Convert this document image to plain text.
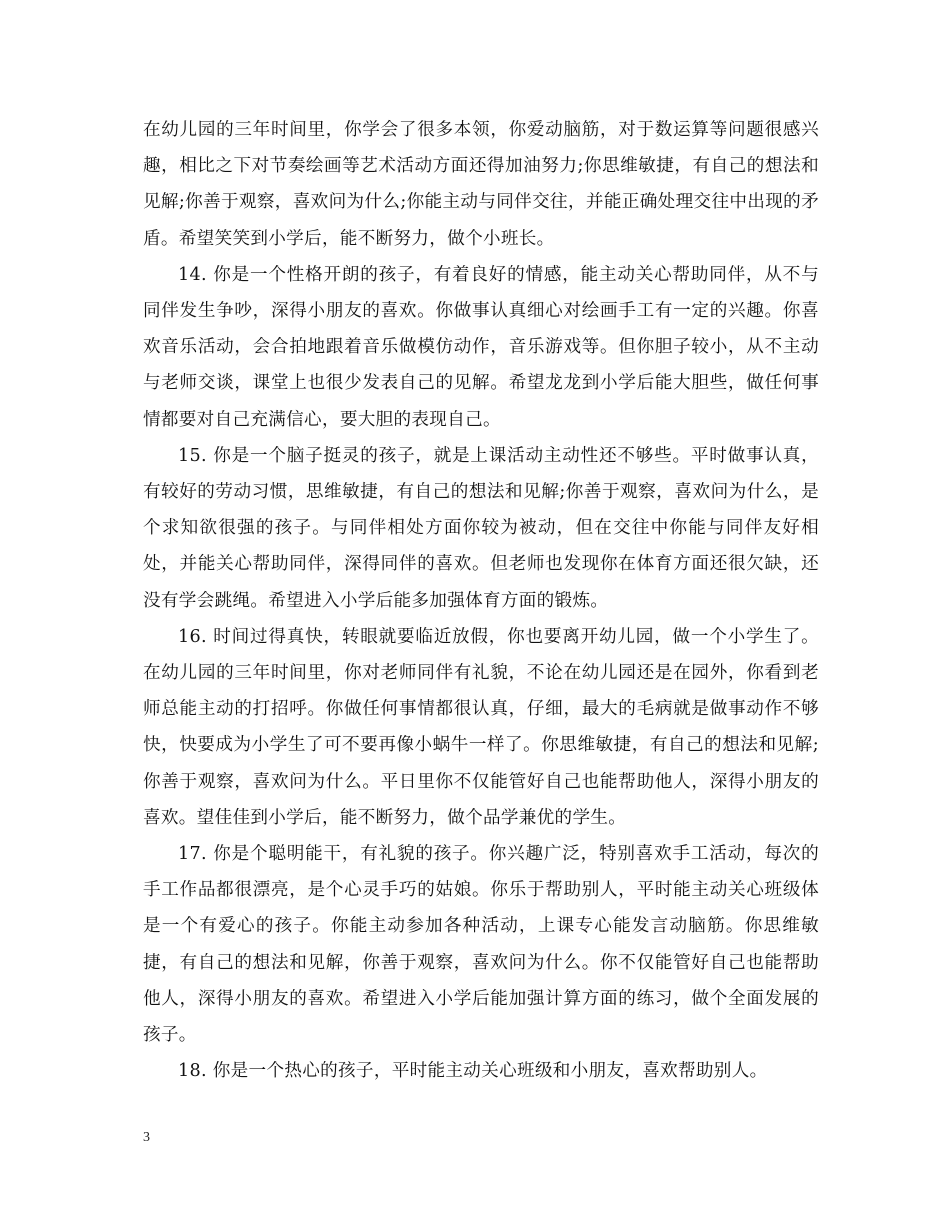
在幼儿园的三年时间里，你学会了很多本领，你爱动脑筋，对于数运算等问题很感兴趣，相比之下对节奏绘画等艺术活动方面还得加油努力;你思维敏捷，有自己的想法和见解;你善于观察，喜欢问为什么;你能主动与同伴交往，并能正确处理交往中出现的矛盾。希望笑笑到小学后，能不断努力，做个小班长。

14. 你是一个性格开朗的孩子，有着良好的情感，能主动关心帮助同伴，从不与同伴发生争吵，深得小朋友的喜欢。你做事认真细心对绘画手工有一定的兴趣。你喜欢音乐活动，会合拍地跟着音乐做模仿动作，音乐游戏等。但你胆子较小，从不主动与老师交谈，课堂上也很少发表自己的见解。希望龙龙到小学后能大胆些，做任何事情都要对自己充满信心，要大胆的表现自己。

15. 你是一个脑子挺灵的孩子，就是上课活动主动性还不够些。平时做事认真，有较好的劳动习惯，思维敏捷，有自己的想法和见解;你善于观察，喜欢问为什么，是个求知欲很强的孩子。与同伴相处方面你较为被动，但在交往中你能与同伴友好相处，并能关心帮助同伴，深得同伴的喜欢。但老师也发现你在体育方面还很欠缺，还没有学会跳绳。希望进入小学后能多加强体育方面的锻炼。

16. 时间过得真快，转眼就要临近放假，你也要离开幼儿园，做一个小学生了。在幼儿园的三年时间里，你对老师同伴有礼貌，不论在幼儿园还是在园外，你看到老师总能主动的打招呼。你做任何事情都很认真，仔细，最大的毛病就是做事动作不够快，快要成为小学生了可不要再像小蜗牛一样了。你思维敏捷，有自己的想法和见解;你善于观察，喜欢问为什么。平日里你不仅能管好自己也能帮助他人，深得小朋友的喜欢。望佳佳到小学后，能不断努力，做个品学兼优的学生。

17. 你是个聪明能干，有礼貌的孩子。你兴趣广泛，特别喜欢手工活动，每次的手工作品都很漂亮，是个心灵手巧的姑娘。你乐于帮助别人，平时能主动关心班级体是一个有爱心的孩子。你能主动参加各种活动，上课专心能发言动脑筋。你思维敏捷，有自己的想法和见解，你善于观察，喜欢问为什么。你不仅能管好自己也能帮助他人，深得小朋友的喜欢。希望进入小学后能加强计算方面的练习，做个全面发展的孩子。

18. 你是一个热心的孩子，平时能主动关心班级和小朋友，喜欢帮助别人。

3
